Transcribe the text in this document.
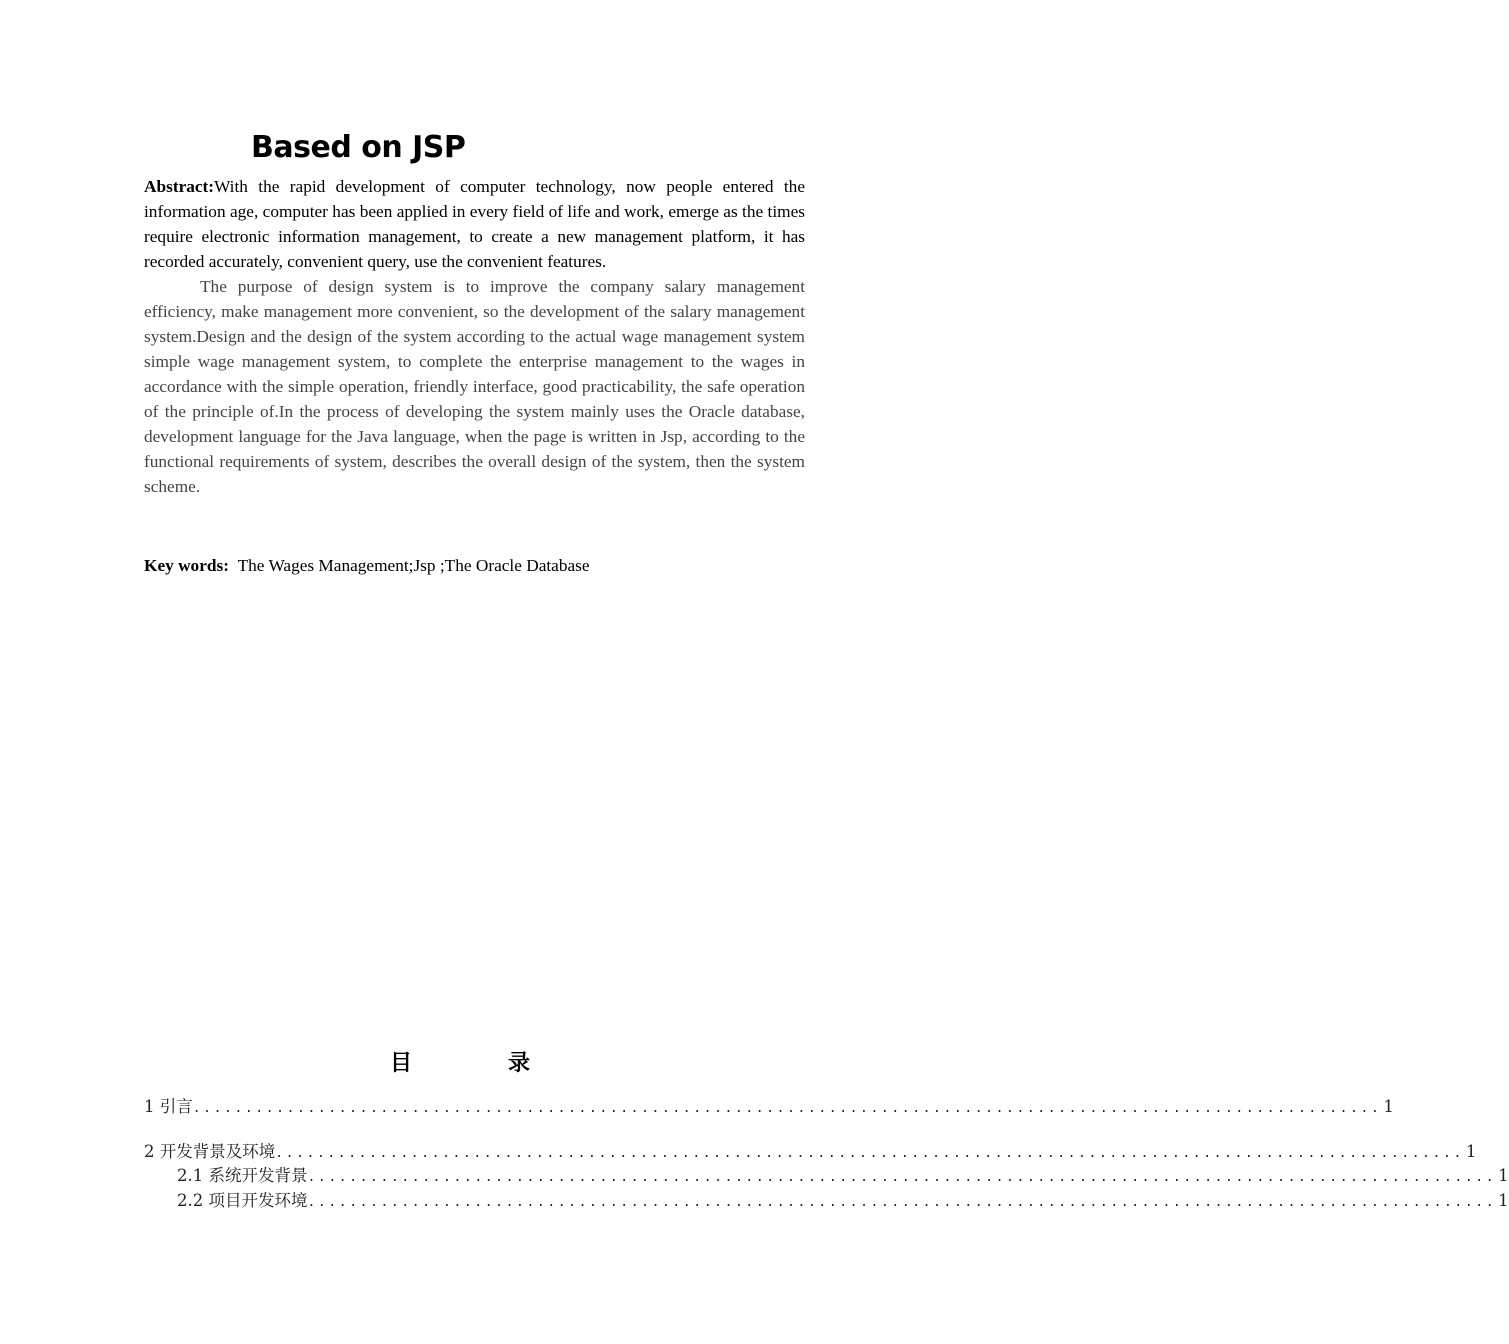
Based on JSP

Abstract:With the rapid development of computer technology, now people entered the information age, computer has been applied in every field of life and work, emerge as the times require electronic information management, to create a new management platform, it has recorded accurately, convenient query, use the convenient features.

The purpose of design system is to improve the company salary management efficiency, make management more convenient, so the development of the salary management system.Design and the design of the system according to the actual wage management system simple wage management system, to complete the enterprise management to the wages in accordance with the simple operation, friendly interface, good practicability, the safe operation of the principle of.In the process of developing the system mainly uses the Oracle database, development language for the Java language, when the page is written in Jsp, according to the functional requirements of system, describes the overall design of the system, then the system scheme.

Key words: The Wages Management;Jsp ;The Oracle Database
目	录
1 引言 .................................................................................................................. 1
2 开发背景及环境 .................................................................................................................. 1
2.1 系统开发背景 .................................................................................................................. 1
2.2 项目开发环境 .................................................................................................................. 1
